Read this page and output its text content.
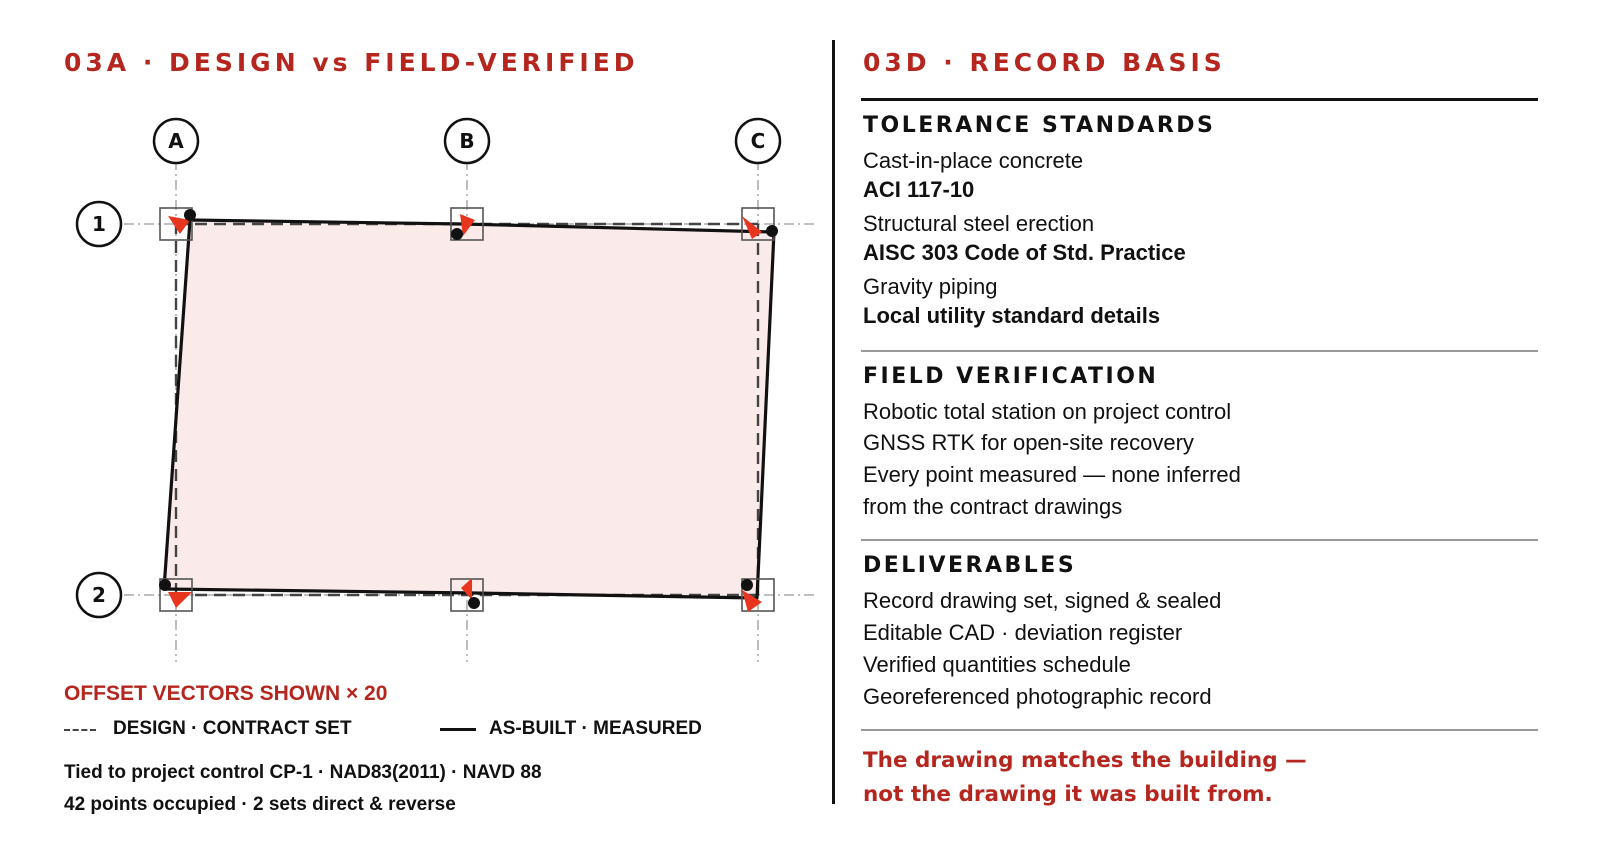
03A · DESIGN vs FIELD-VERIFIED
A	B	C
1
2
OFFSET VECTORS SHOWN × 20
DESIGN · CONTRACT SET	AS-BUILT · MEASURED
Tied to project control CP-1 · NAD83(2011) · NAVD 88
42 points occupied · 2 sets direct & reverse
03D · RECORD BASIS
TOLERANCE STANDARDS
Cast-in-place concrete
ACI 117-10
Structural steel erection
AISC 303 Code of Std. Practice
Gravity piping
Local utility standard details
FIELD VERIFICATION
Robotic total station on project control
GNSS RTK for open-site recovery
Every point measured — none inferred
from the contract drawings
DELIVERABLES
Record drawing set, signed & sealed
Editable CAD · deviation register
Verified quantities schedule
Georeferenced photographic record
The drawing matches the building —
not the drawing it was built from.
